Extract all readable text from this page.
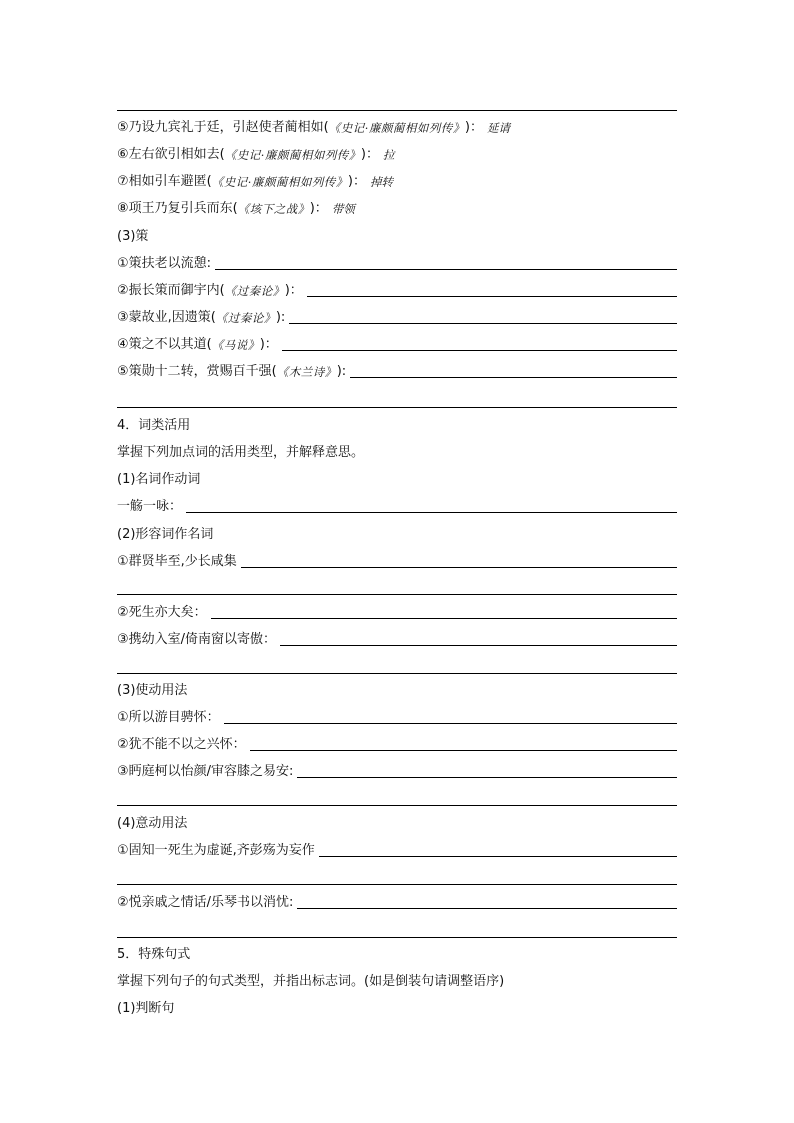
⑤乃设九宾礼于廷，引赵使者蔺相如( 《史记·廉颇蔺相如列传》 )： 延请
⑥左右欲引相如去( 《史记·廉颇蔺相如列传》 )： 拉
⑦相如引车避匿( 《史记·廉颇蔺相如列传》 )： 掉转
⑧项王乃复引兵而东( 《垓下之战》 )： 带领
(3)策
①策扶老以流憩:
②振长策而御宇内( 《过秦论》 )：
③蒙故业,因遗策( 《过秦论》 ):
④策之不以其道( 《马说》 )：
⑤策勋十二转，赏赐百千强( 《木兰诗》 ):
4．词类活用
掌握下列加点词的活用类型，并解释意思。
(1)名词作动词
一觞一咏：
(2)形容词作名词
①群贤毕至,少长咸集
②死生亦大矣：
③携幼入室/倚南窗以寄傲：
(3)使动用法
①所以游目骋怀：
②犹不能不以之兴怀：
③眄庭柯以怡颜/审容膝之易安:
(4)意动用法
①固知一死生为虚诞,齐彭殇为妄作
②悦亲戚之情话/乐琴书以消忧:
5．特殊句式
掌握下列句子的句式类型，并指出标志词。(如是倒装句请调整语序)
(1)判断句
